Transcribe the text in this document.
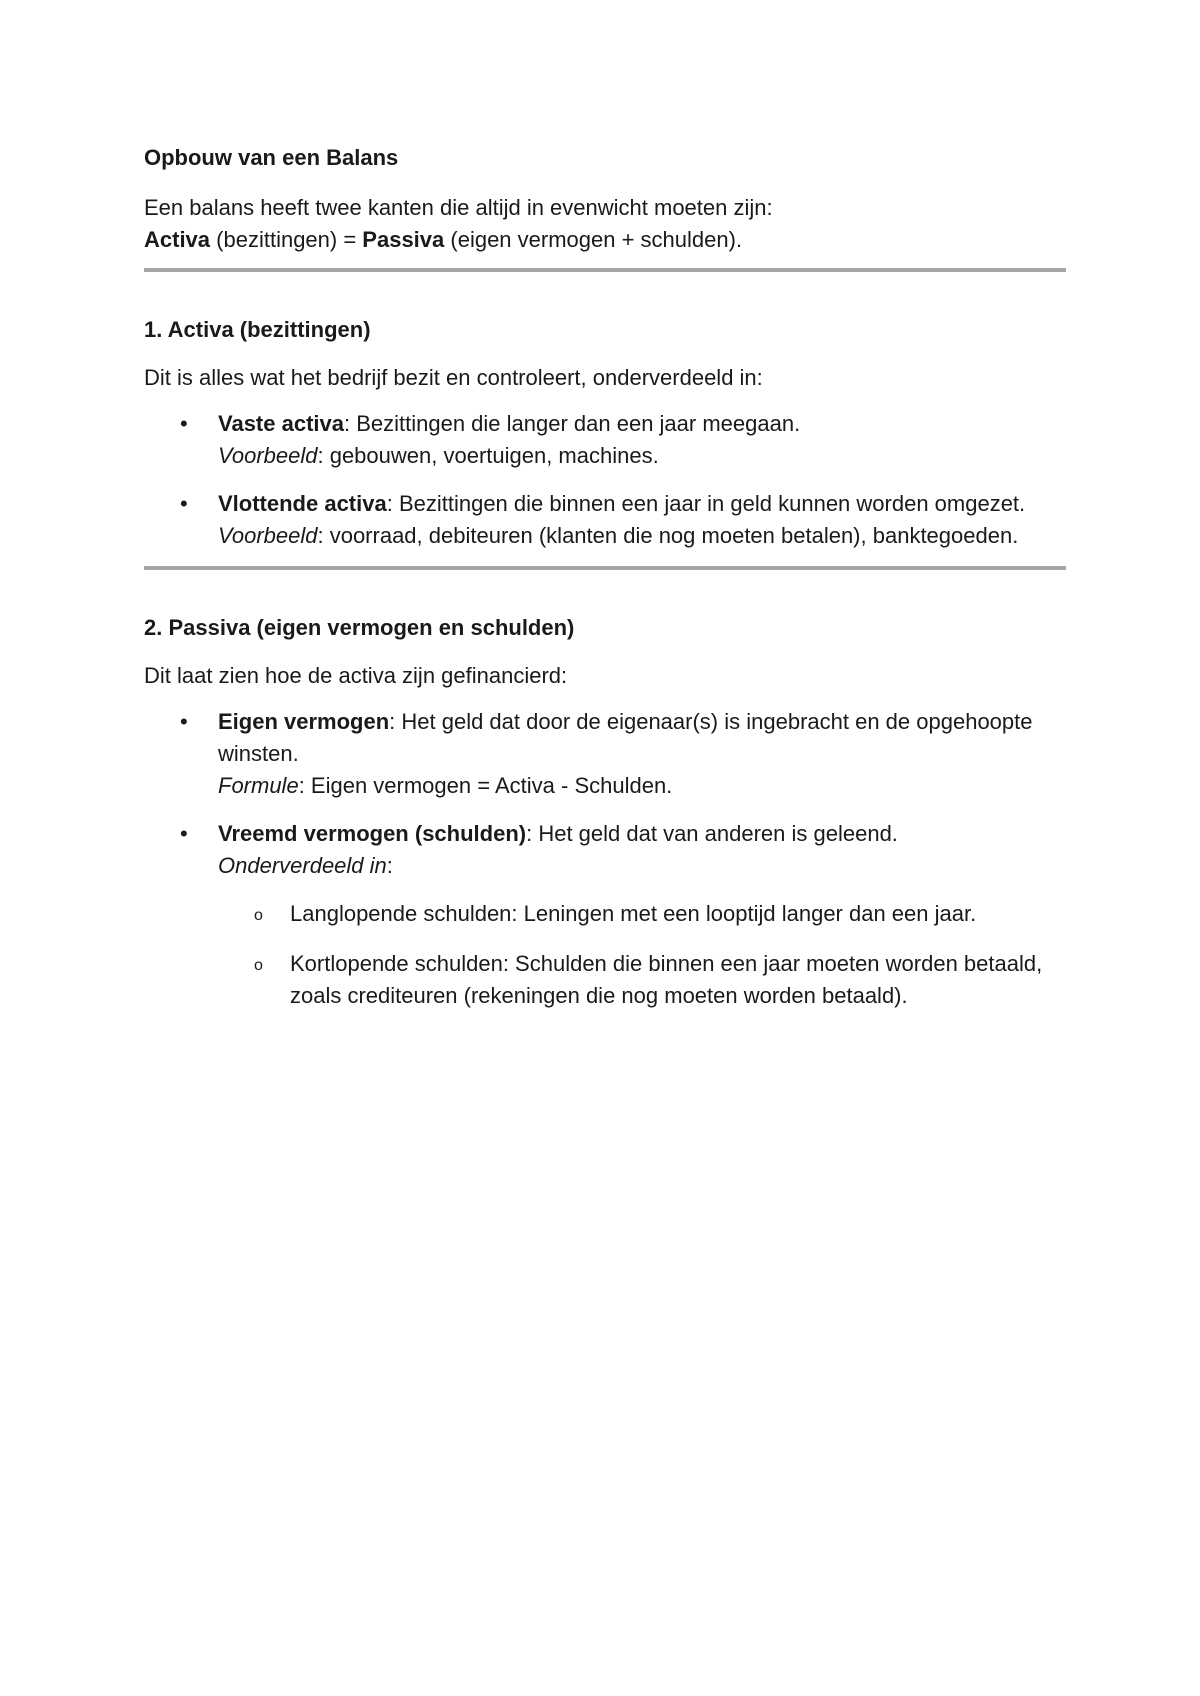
Opbouw van een Balans

Een balans heeft twee kanten die altijd in evenwicht moeten zijn:
Activa (bezittingen) = Passiva (eigen vermogen + schulden).

1. Activa (bezittingen)

Dit is alles wat het bedrijf bezit en controleert, onderverdeeld in:

• Vaste activa: Bezittingen die langer dan een jaar meegaan.
Voorbeeld: gebouwen, voertuigen, machines.
• Vlottende activa: Bezittingen die binnen een jaar in geld kunnen worden omgezet.
Voorbeeld: voorraad, debiteuren (klanten die nog moeten betalen), banktegoeden.
2. Passiva (eigen vermogen en schulden)

Dit laat zien hoe de activa zijn gefinancierd:

• Eigen vermogen: Het geld dat door de eigenaar(s) is ingebracht en de opgehoopte winsten.
Formule: Eigen vermogen = Activa - Schulden.
• Vreemd vermogen (schulden): Het geld dat van anderen is geleend.
Onderverdeeld in:
o Langlopende schulden: Leningen met een looptijd langer dan een jaar.
o Kortlopende schulden: Schulden die binnen een jaar moeten worden betaald, zoals crediteuren (rekeningen die nog moeten worden betaald).
